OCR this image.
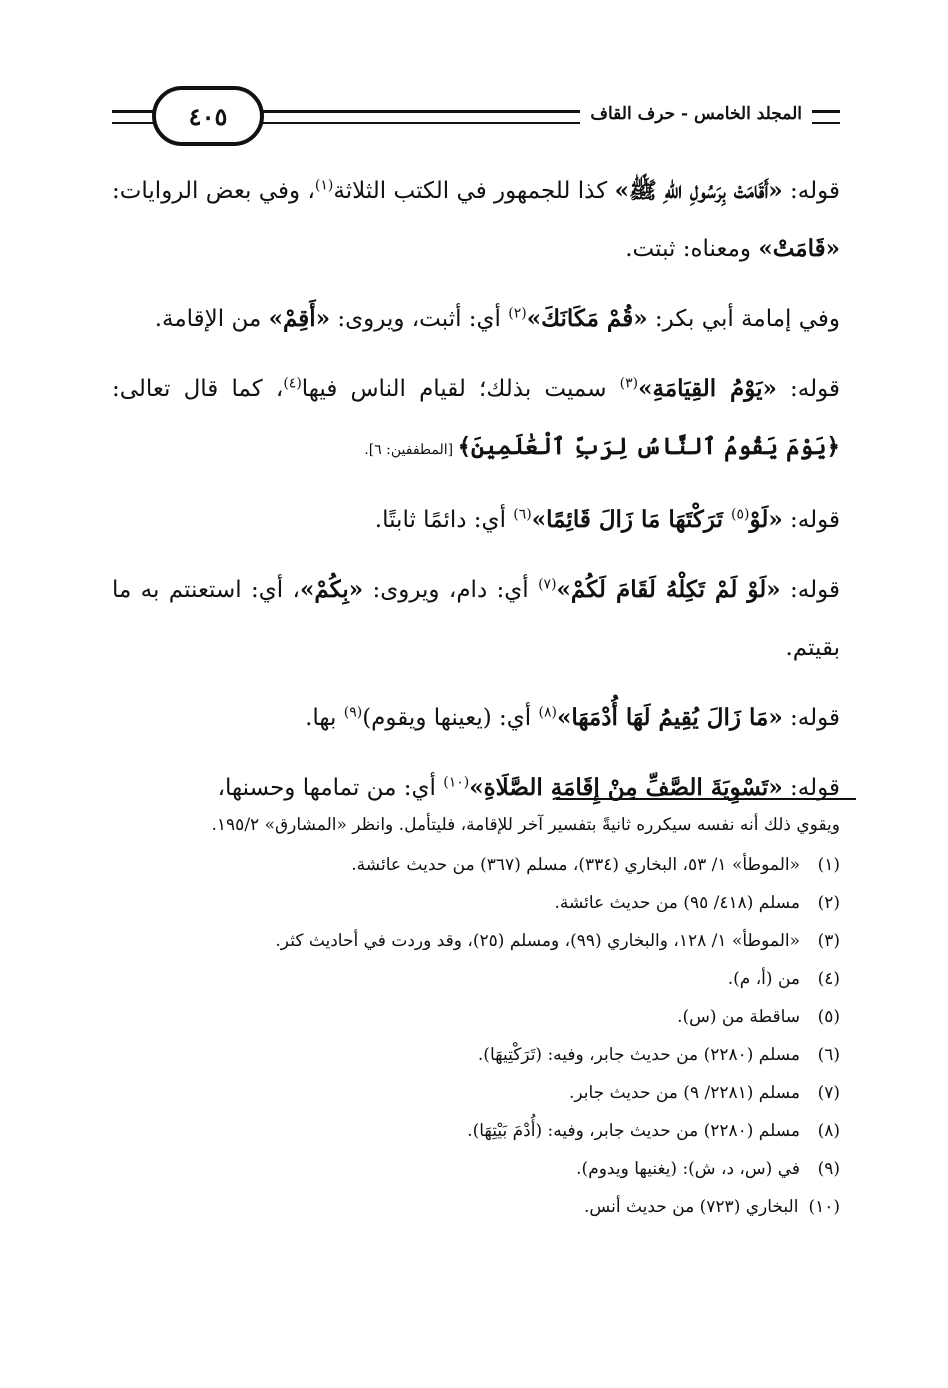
٤٠٥	المجلد الخامس - حرف القاف

قوله: «أَقَامَتْ بِرَسُولِ اللهِ ﷺ» كذا للجمهور في الكتب الثلاثة$^{(١)}$، وفي بعض الروايات: «قَامَتْ» ومعناه: ثبتت.

وفي إمامة أبي بكر: «قُمْ مَكَانَكَ»$^{(٢)}$ أي: أثبت، ويروى: «أَقِمْ» من الإقامة.

قوله: «يَوْمُ القِيَامَةِ»$^{(٣)}$ سميت بذلك؛ لقيام الناس فيها$^{(٤)}$، كما قال تعالى: ﴿يَوْمَ يَقُومُ ٱلنَّاسُ لِرَبِّ ٱلْعَٰلَمِينَ﴾ [المطففين: ٦].

قوله: «لَوْ$^{(٥)}$ تَرَكْتَهَا مَا زَالَ قَائِمًا»$^{(٦)}$ أي: دائمًا ثابتًا.

قوله: «لَوْ لَمْ تَكِلْهُ لَقَامَ لَكُمْ»$^{(٧)}$ أي: دام، ويروى: «بِكُمْ»، أي: استعنتم به ما بقيتم.

قوله: «مَا زَالَ يُقِيمُ لَهَا أُدْمَهَا»$^{(٨)}$ أي: (يعينها ويقوم)$^{(٩)}$ بها.

قوله: «تَسْوِيَةَ الصَّفِّ مِنْ إِقَامَةِ الصَّلَاةِ»$^{(١٠)}$ أي: من تمامها وحسنها،

ويقوي ذلك أنه نفسه سيكرره ثانيةً بتفسير آخر للإقامة، فليتأمل. وانظر «المشارق» ١٩٥/٢.

(١)
«الموطأ» ١/ ٥٣، البخاري (٣٣٤)، مسلم (٣٦٧) من حديث عائشة.
(٢)
مسلم (٤١٨/ ٩٥) من حديث عائشة.
(٣)
«الموطأ» ١/ ١٢٨، والبخاري (٩٩)، ومسلم (٢٥)، وقد وردت في أحاديث كثر.
(٤)
من (أ، م).
(٥)
ساقطة من (س).
(٦)
مسلم (٢٢٨٠) من حديث جابر، وفيه: (تَرَكْتِيهَا).
(٧)
مسلم (٢٢٨١/ ٩) من حديث جابر.
(٨)
مسلم (٢٢٨٠) من حديث جابر، وفيه: (أُدْمَ بَيْتِهَا).
(٩)
في (س، د، ش): (يغنيها ويدوم).
(١٠)
البخاري (٧٢٣) من حديث أنس.
